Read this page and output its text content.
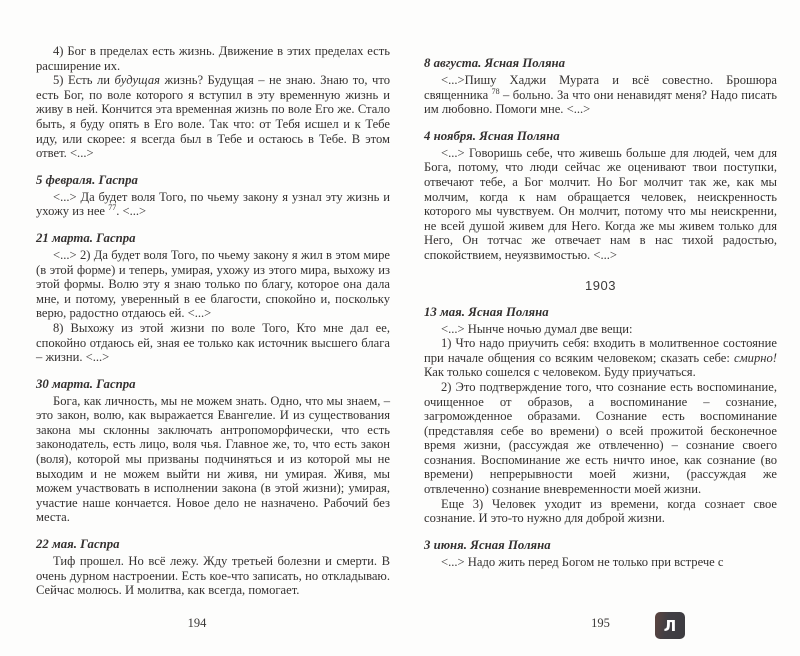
4) Бог в пределах есть жизнь. Движение в этих пределах есть расширение их.

5) Есть ли будущая жизнь? Будущая – не знаю. Знаю то, что есть Бог, по воле которого я вступил в эту временную жизнь и живу в ней. Кончится эта временная жизнь по воле Его же. Стало быть, я буду опять в Его воле. Так что: от Тебя исшел и к Тебе иду, или скорее: я всегда был в Тебе и остаюсь в Тебе. В этом ответ. <...>

5 февраля. Гаспра

<...> Да будет воля Того, по чьему закону я узнал эту жизнь и ухожу из нее $^{77}$. <...>

21 марта. Гаспра

<...> 2) Да будет воля Того, по чьему закону я жил в этом мире (в этой форме) и теперь, умирая, ухожу из этого мира, выхожу из этой формы. Волю эту я знаю только по благу, которое она дала мне, и потому, уверенный в ее благости, спокойно и, поскольку верю, радостно отдаюсь ей. <...>

8) Выхожу из этой жизни по воле Того, Кто мне дал ее, спокойно отдаюсь ей, зная ее только как источник высшего блага – жизни. <...>

30 марта. Гаспра

Бога, как личность, мы не можем знать. Одно, что мы знаем, – это закон, волю, как выражается Евангелие. И из существования закона мы склонны заключать антропоморфически, что есть законодатель, есть лицо, воля чья. Главное же, то, что есть закон (воля), которой мы призваны подчиняться и из которой мы не выходим и не можем выйти ни живя, ни умирая. Живя, мы можем участвовать в исполнении закона (в этой жизни); умирая, участие наше кончается. Новое дело не назначено. Рабочий без места.

22 мая. Гаспра

Тиф прошел. Но всё лежу. Жду третьей болезни и смерти. В очень дурном настроении. Есть кое-что записать, но откладываю. Сейчас молюсь. И молитва, как всегда, помогает.

8 августа. Ясная Поляна

<...>Пишу Хаджи Мурата и всё совестно. Брошюра священника $^{78}$ – больно. За что они ненавидят меня? Надо писать им любовно. Помоги мне. <...>

4 ноября. Ясная Поляна

<...> Говоришь себе, что живешь больше для людей, чем для Бога, потому, что люди сейчас же оценивают твои поступки, отвечают тебе, а Бог молчит. Но Бог молчит так же, как мы молчим, когда к нам обращается человек, неискренность которого мы чувствуем. Он молчит, потому что мы неискренни, не всей душой живем для Него. Когда же мы живем только для Него, Он тотчас же отвечает нам в нас тихой радостью, спокойствием, неуязвимостью. <...>

1903
13 мая. Ясная Поляна

<...> Нынче ночью думал две вещи:

1) Что надо приучить себя: входить в молитвенное состояние при начале общения со всяким человеком; сказать себе: смирно! Как только сошелся с человеком. Буду приучаться.

2) Это подтверждение того, что сознание есть воспоминание, очищенное от образов, а воспоминание – сознание, загроможденное образами. Сознание есть воспоминание (представляя себе во времени) о всей прожитой бесконечное время жизни, (рассуждая же отвлеченно) – сознание своего сознания. Воспоминание же есть ничто иное, как сознание (во времени) непрерывности моей жизни, (рассуждая же отвлеченно) сознание вневременности моей жизни.

Еще 3) Человек уходит из времени, когда сознает свое сознание. И это-то нужно для доброй жизни.

3 июня. Ясная Поляна

<...> Надо жить перед Богом не только при встрече с

194	195	Л
